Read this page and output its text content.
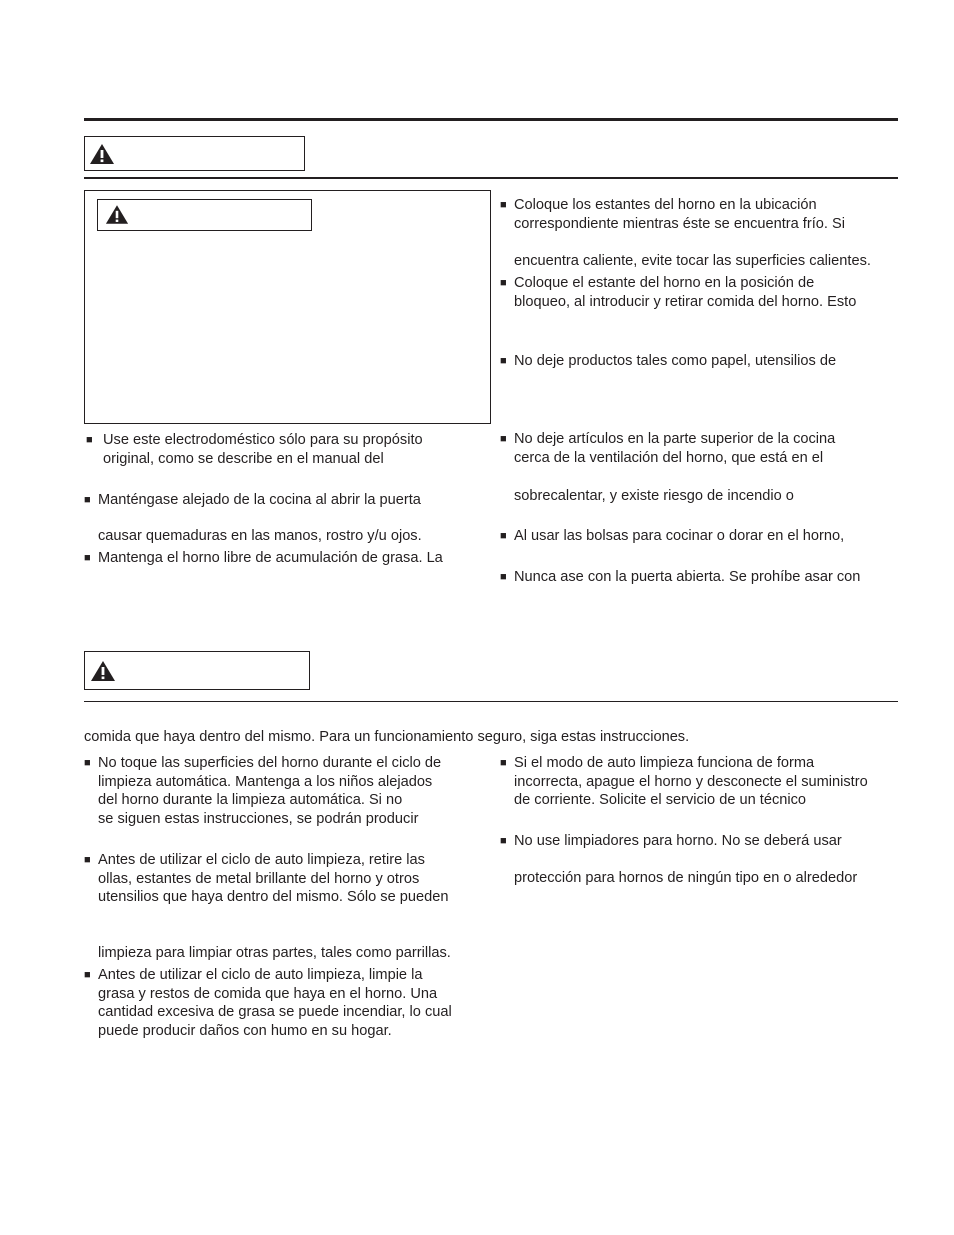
■ Coloque los estantes del horno en la ubicación
correspondiente mientras éste se encuentra frío. Si
encuentra caliente, evite tocar las superficies calientes.
■ Coloque el estante del horno en la posición de
bloqueo, al introducir y retirar comida del horno. Esto
■ No deje productos tales como papel, utensilios de
■ No deje artículos en la parte superior de la cocina
cerca de la ventilación del horno, que está en el
sobrecalentar, y existe riesgo de incendio o
■ Al usar las bolsas para cocinar o dorar en el horno,
■ Nunca ase con la puerta abierta. Se prohíbe asar con
■ Use este electrodoméstico sólo para su propósito
original, como se describe en el manual del
■ Manténgase alejado de la cocina al abrir la puerta
causar quemaduras en las manos, rostro y/u ojos.
■ Mantenga el horno libre de acumulación de grasa. La
comida que haya dentro del mismo. Para un funcionamiento seguro, siga estas instrucciones.
■ No toque las superficies del horno durante el ciclo de
limpieza automática. Mantenga a los niños alejados
del horno durante la limpieza automática. Si no
se siguen estas instrucciones, se podrán producir
■ Antes de utilizar el ciclo de auto limpieza, retire las
ollas, estantes de metal brillante del horno y otros
utensilios que haya dentro del mismo. Sólo se pueden
limpieza para limpiar otras partes, tales como parrillas.
■ Antes de utilizar el ciclo de auto limpieza, limpie la
grasa y restos de comida que haya en el horno. Una
cantidad excesiva de grasa se puede incendiar, lo cual
puede producir daños con humo en su hogar.
■ Si el modo de auto limpieza funciona de forma
incorrecta, apague el horno y desconecte el suministro
de corriente. Solicite el servicio de un técnico
■ No use limpiadores para horno. No se deberá usar
protección para hornos de ningún tipo en o alrededor
